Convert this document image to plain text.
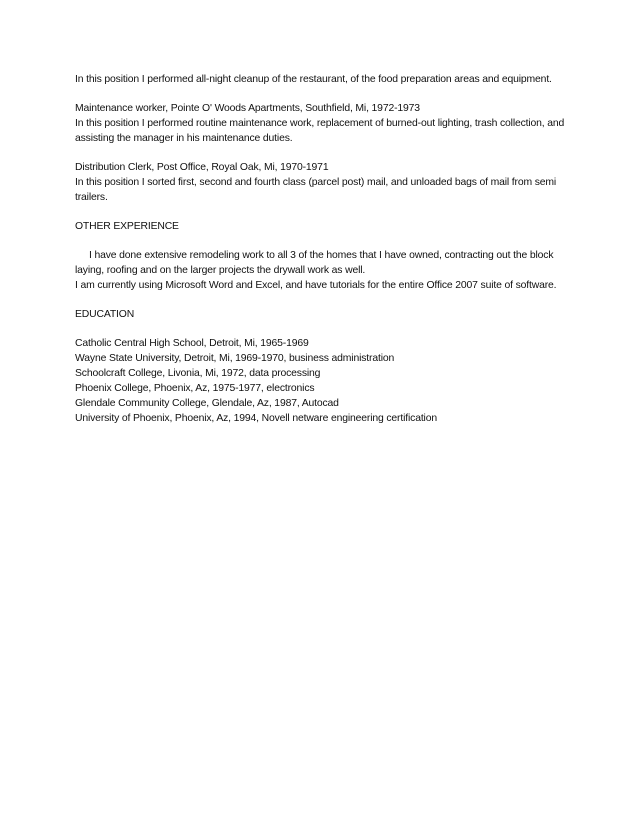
In this position I performed all-night cleanup of the restaurant, of the food preparation areas and equipment.

Maintenance worker, Pointe O' Woods Apartments, Southfield, Mi, 1972-1973

In this position I performed routine maintenance work, replacement of burned-out lighting, trash collection, and assisting the manager in his maintenance duties.

Distribution Clerk, Post Office, Royal Oak, Mi, 1970-1971

In this position I sorted first, second and fourth class (parcel post) mail, and unloaded bags of mail from semi trailers.

OTHER EXPERIENCE

I have done extensive remodeling work to all 3 of the homes that I have owned, contracting out the block laying, roofing and on the larger projects the drywall work as well.

I am currently using Microsoft Word and Excel, and have tutorials for the entire Office 2007 suite of software.

EDUCATION

Catholic Central High School, Detroit, Mi, 1965-1969

Wayne State University, Detroit, Mi, 1969-1970, business administration

Schoolcraft College, Livonia, Mi, 1972, data processing

Phoenix College, Phoenix, Az, 1975-1977, electronics

Glendale Community College, Glendale, Az, 1987, Autocad

University of Phoenix, Phoenix, Az, 1994, Novell netware engineering certification
